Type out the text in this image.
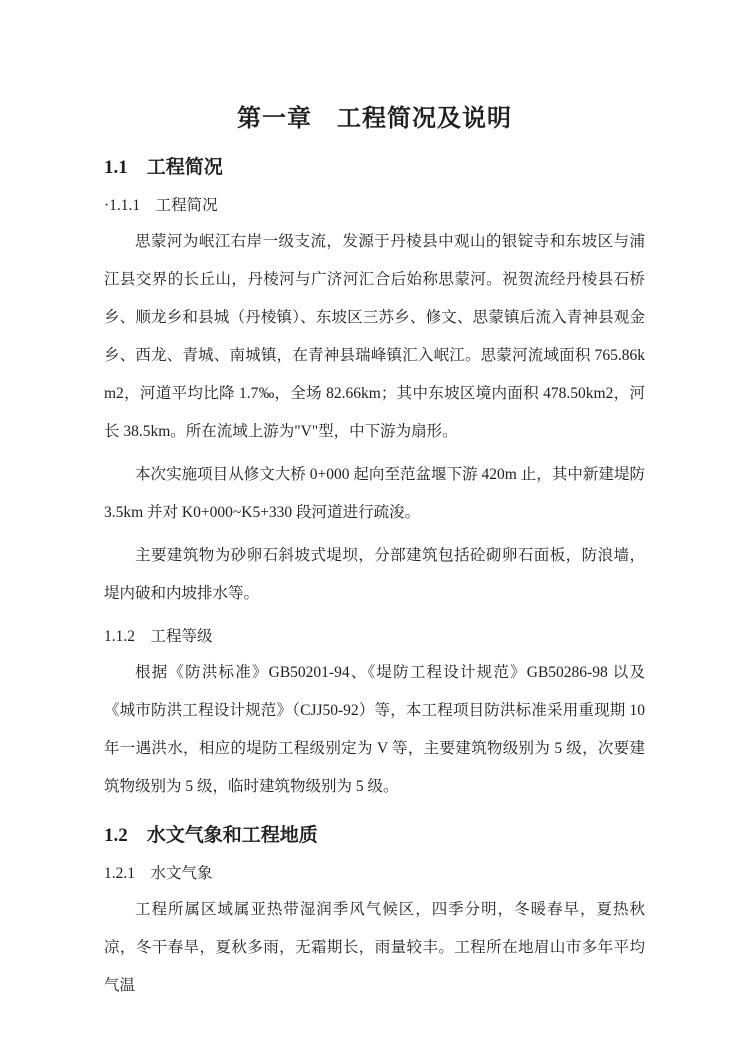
第一章　工程简况及说明
1.1　工程简况
·1.1.1　工程简况

思蒙河为岷江右岸一级支流，发源于丹棱县中观山的银锭寺和东坡区与浦江县交界的长丘山，丹棱河与广济河汇合后始称思蒙河。祝贺流经丹棱县石桥乡、顺龙乡和县城（丹棱镇）、东坡区三苏乡、修文、思蒙镇后流入青神县观金乡、西龙、青城、南城镇，在青神县瑞峰镇汇入岷江。思蒙河流域面积 765.86km2，河道平均比降 1.7‰，全场 82.66km；其中东坡区境内面积 478.50km2，河长 38.5km。所在流域上游为"V"型，中下游为扇形。

本次实施项目从修文大桥 0+000 起向至范盆堰下游 420m 止，其中新建堤防 3.5km 并对 K0+000~K5+330 段河道进行疏浚。

主要建筑物为砂卵石斜坡式堤坝，分部建筑包括砼砌卵石面板，防浪墙，堤内破和内坡排水等。

1.1.2　工程等级

根据《防洪标准》GB50201-94、《堤防工程设计规范》GB50286-98 以及《城市防洪工程设计规范》（CJJ50-92）等，本工程项目防洪标准采用重现期 10 年一遇洪水，相应的堤防工程级别定为 V 等，主要建筑物级别为 5 级，次要建筑物级别为 5 级，临时建筑物级别为 5 级。

1.2　水文气象和工程地质
1.2.1　水文气象

工程所属区域属亚热带湿润季风气候区，四季分明，冬暖春早，夏热秋凉，冬干春旱，夏秋多雨，无霜期长，雨量较丰。工程所在地眉山市多年平均气温
